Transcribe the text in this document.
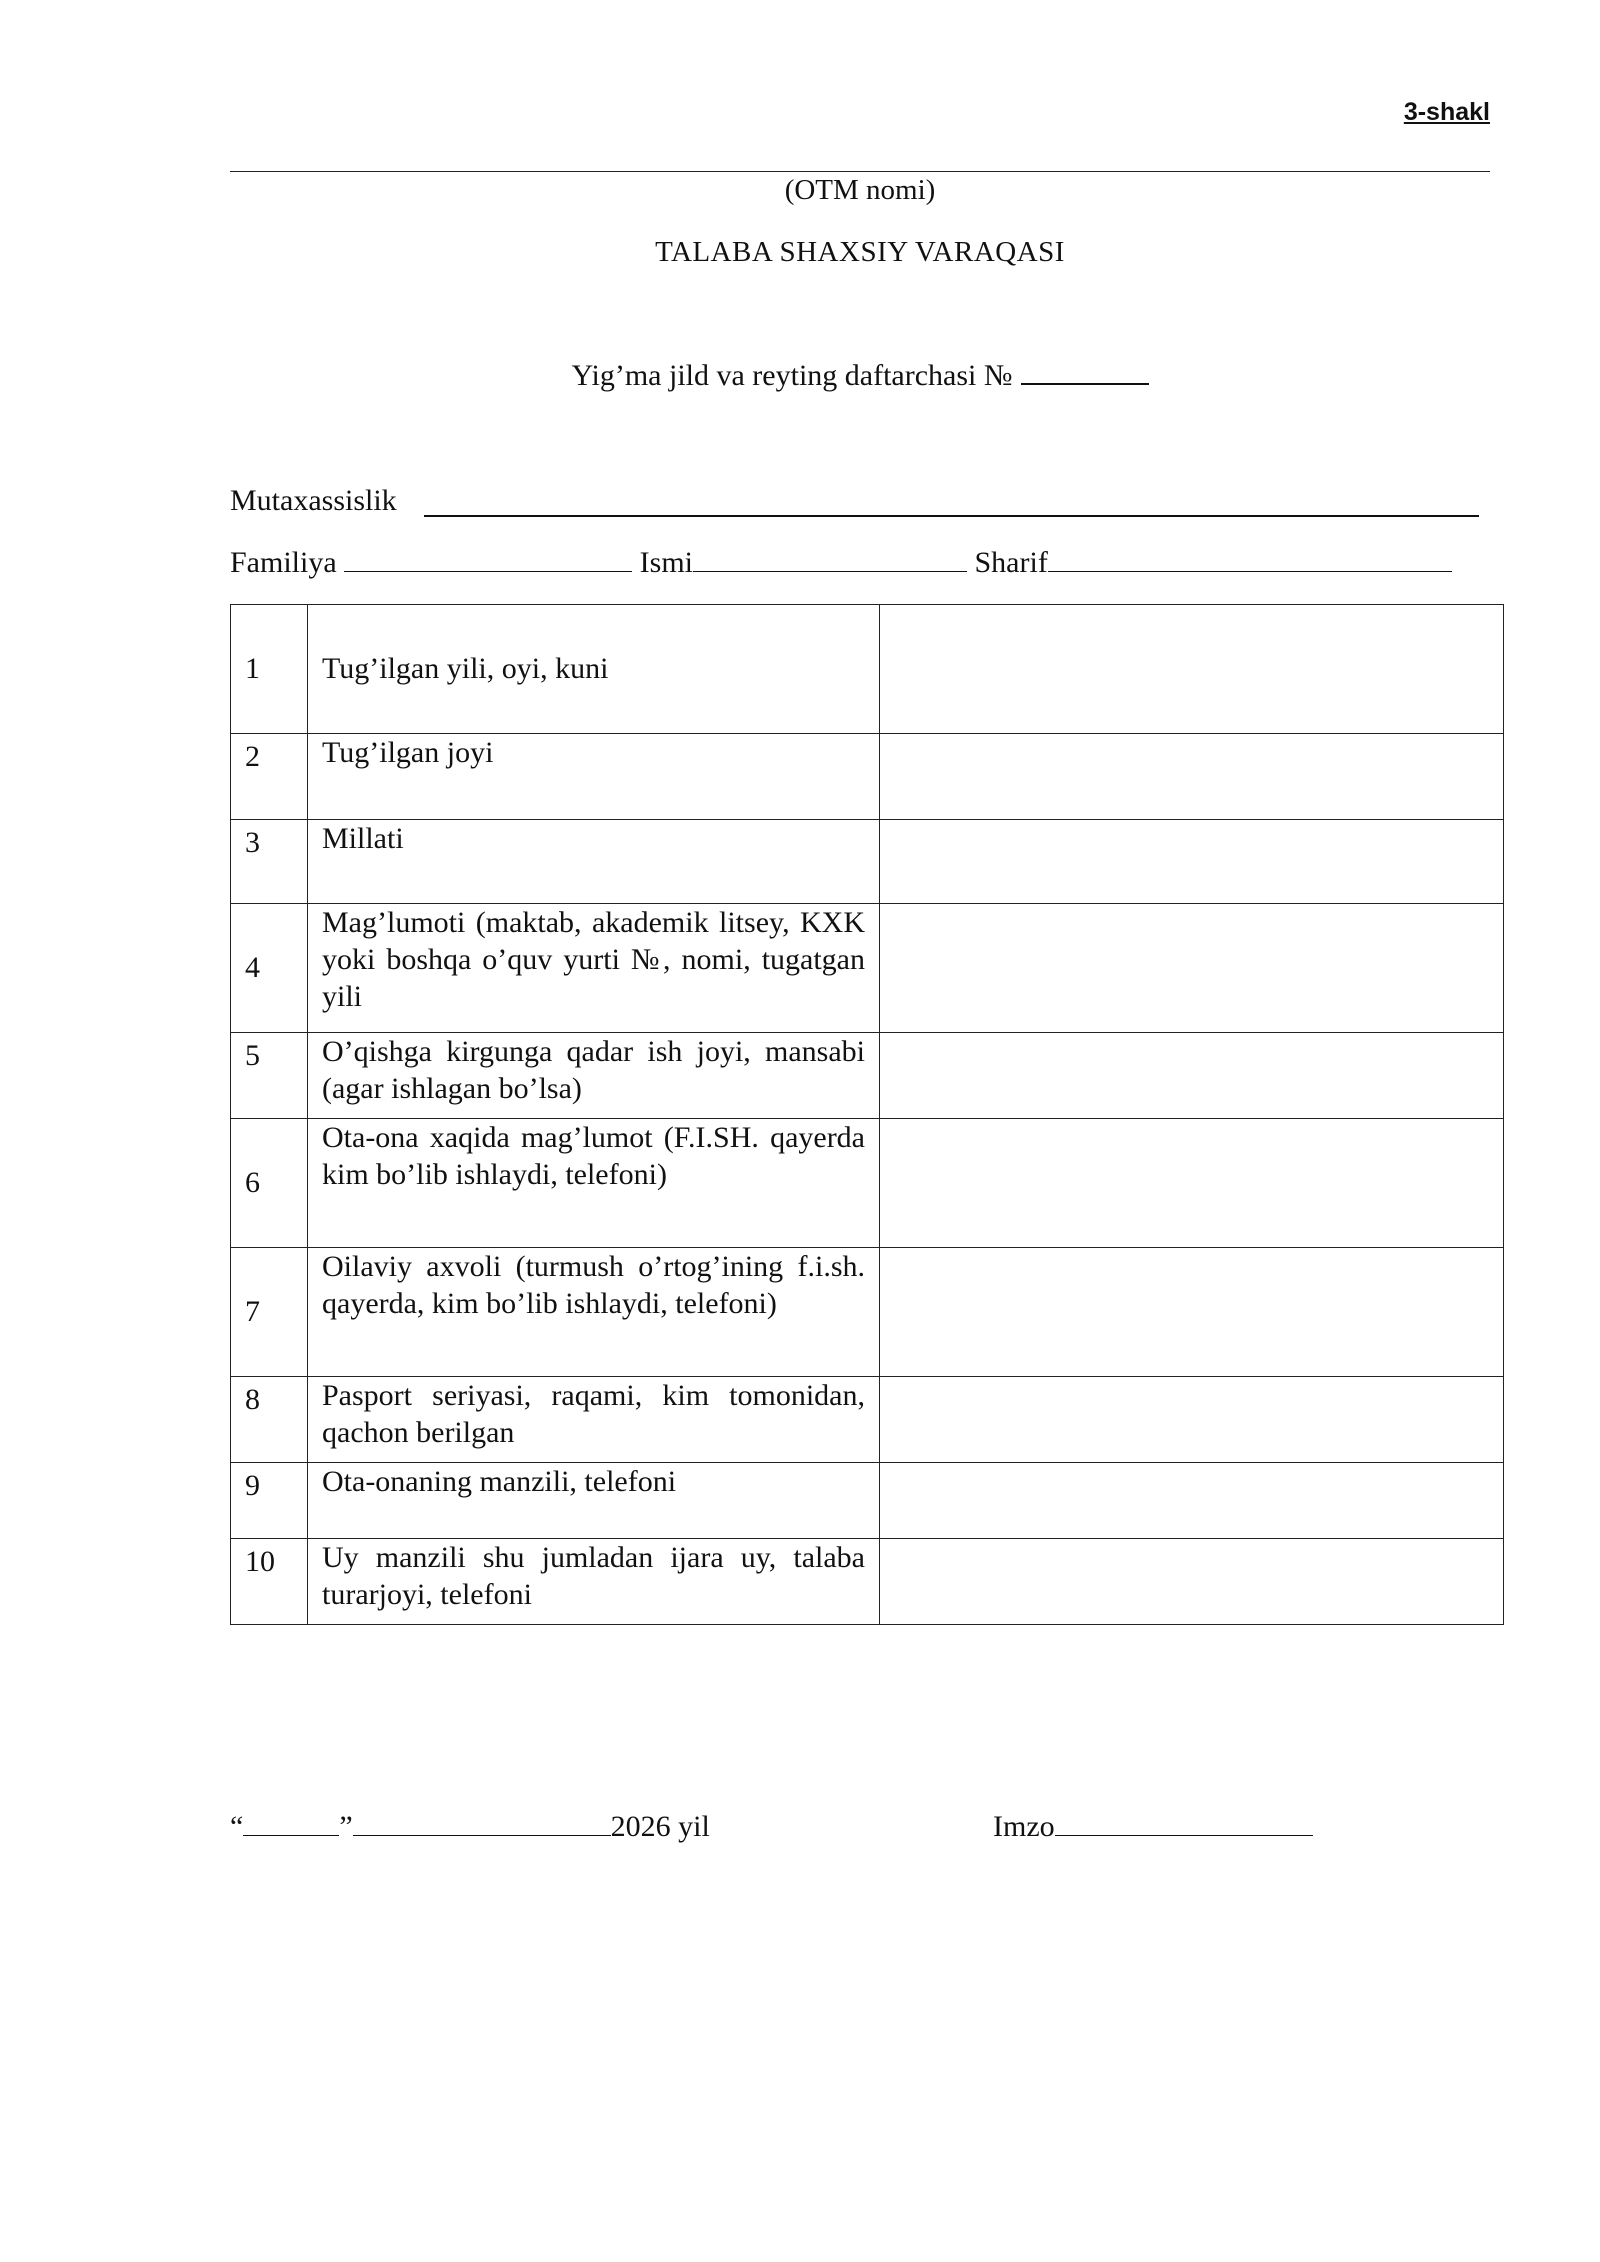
3-shakl
(OTM nomi)
TALABA SHAXSIY VARAQASI
Yig’ma jild va reyting daftarchasi №
Mutaxassislik
Familiya	Ismi	Sharif
1	Tug’ilgan yili, oyi, kuni	
2	Tug’ilgan joyi	
3	Millati	
4	Mag’lumoti (maktab, akademik litsey, KXK yoki boshqa o’quv yurti №, nomi, tugatgan yili	
5	O’qishga kirgunga qadar ish joyi, mansabi (agar ishlagan bo’lsa)	
6	Ota-ona xaqida mag’lumot (F.I.SH. qayerda kim bo’lib ishlaydi, telefoni)	
7	Oilaviy axvoli (turmush o’rtog’ining f.i.sh. qayerda, kim bo’lib ishlaydi, telefoni)	
8	Pasport seriyasi, raqami, kim tomonidan, qachon berilgan	
9	Ota-onaning manzili, telefoni	
10	Uy manzili shu jumladan ijara uy, talaba turarjoyi, telefoni	
“	”	2026 yil	Imzo
